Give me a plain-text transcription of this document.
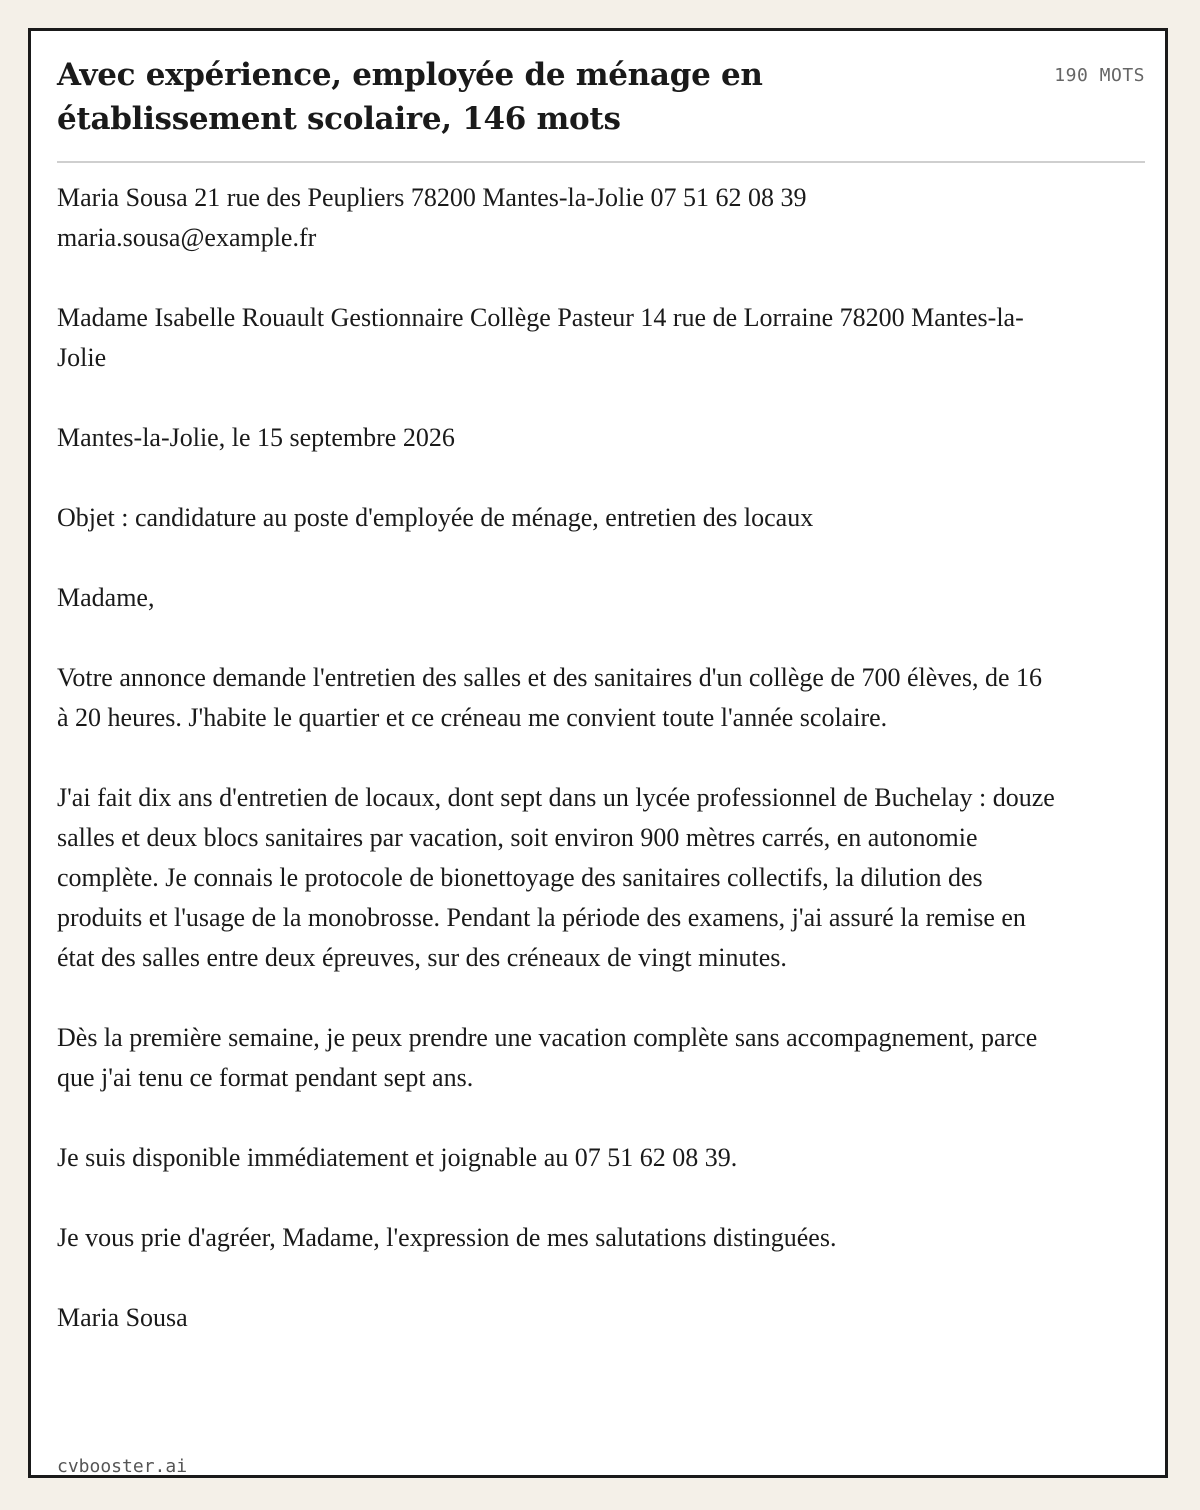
Avec expérience, employée de ménage en établissement scolaire, 146 mots
190 MOTS

Maria Sousa 21 rue des Peupliers 78200 Mantes-la-Jolie 07 51 62 08 39 maria.sousa@example.fr

Madame Isabelle Rouault Gestionnaire Collège Pasteur 14 rue de Lorraine 78200 Mantes-la-Jolie

Mantes-la-Jolie, le 15 septembre 2026

Objet : candidature au poste d'employée de ménage, entretien des locaux

Madame,

Votre annonce demande l'entretien des salles et des sanitaires d'un collège de 700 élèves, de 16 à 20 heures. J'habite le quartier et ce créneau me convient toute l'année scolaire.

J'ai fait dix ans d'entretien de locaux, dont sept dans un lycée professionnel de Buchelay : douze salles et deux blocs sanitaires par vacation, soit environ 900 mètres carrés, en autonomie complète. Je connais le protocole de bionettoyage des sanitaires collectifs, la dilution des produits et l'usage de la monobrosse. Pendant la période des examens, j'ai assuré la remise en état des salles entre deux épreuves, sur des créneaux de vingt minutes.

Dès la première semaine, je peux prendre une vacation complète sans accompagnement, parce que j'ai tenu ce format pendant sept ans.

Je suis disponible immédiatement et joignable au 07 51 62 08 39.

Je vous prie d'agréer, Madame, l'expression de mes salutations distinguées.

Maria Sousa

cvbooster.ai
